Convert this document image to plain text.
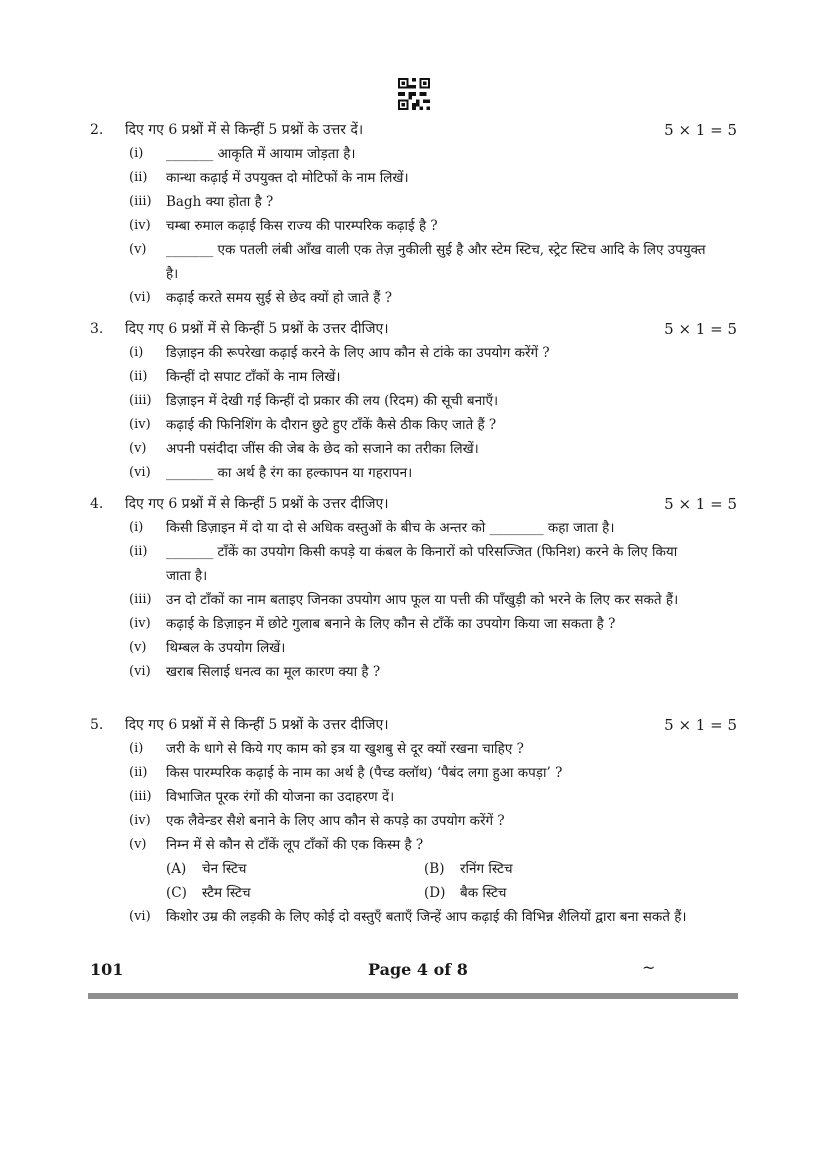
2. दिए गए 6 प्रश्नों में से किन्हीं 5 प्रश्नों के उत्तर दें।	5 × 1 = 5
(i) _______ आकृति में आयाम जोड़ता है।
(ii) कान्था कढ़ाई में उपयुक्त दो मोटिफों के नाम लिखें।
(iii) Bagh क्या होता है ?
(iv) चम्बा रुमाल कढ़ाई किस राज्य की पारम्परिक कढ़ाई है ?
(v) _______ एक पतली लंबी आँख वाली एक तेज़ नुकीली सुई है और स्टेम स्टिच, स्ट्रेट स्टिच आदि के लिए उपयुक्त है।
(vi) कढ़ाई करते समय सुई से छेद क्यों हो जाते हैं ?
3. दिए गए 6 प्रश्नों में से किन्हीं 5 प्रश्नों के उत्तर दीजिए।	5 × 1 = 5
(i) डिज़ाइन की रूपरेखा कढ़ाई करने के लिए आप कौन से टांके का उपयोग करेंगें ?
(ii) किन्हीं दो सपाट टाँकों के नाम लिखें।
(iii) डिज़ाइन में देखी गई किन्हीं दो प्रकार की लय (रिदम) की सूची बनाएँ।
(iv) कढ़ाई की फिनिशिंग के दौरान छुटे हुए टाँकें कैसे ठीक किए जाते हैं ?
(v) अपनी पसंदीदा जींस की जेब के छेद को सजाने का तरीका लिखें।
(vi) _______ का अर्थ है रंग का हल्कापन या गहरापन।
4. दिए गए 6 प्रश्नों में से किन्हीं 5 प्रश्नों के उत्तर दीजिए।	5 × 1 = 5
(i) किसी डिज़ाइन में दो या दो से अधिक वस्तुओं के बीच के अन्तर को ________ कहा जाता है।
(ii) _______ टाँकें का उपयोग किसी कपड़े या कंबल के किनारों को परिसज्जित (फिनिश) करने के लिए किया जाता है।
(iii) उन दो टाँकों का नाम बताइए जिनका उपयोग आप फूल या पत्ती की पाँखुड़ी को भरने के लिए कर सकते हैं।
(iv) कढ़ाई के डिज़ाइन में छोटे गुलाब बनाने के लिए कौन से टाँकें का उपयोग किया जा सकता है ?
(v) थिम्बल के उपयोग लिखें।
(vi) खराब सिलाई धनत्व का मूल कारण क्या है ?
5. दिए गए 6 प्रश्नों में से किन्हीं 5 प्रश्नों के उत्तर दीजिए।	5 × 1 = 5
(i) जरी के धागे से किये गए काम को इत्र या खुशबु से दूर क्यों रखना चाहिए ?
(ii) किस पारम्परिक कढ़ाई के नाम का अर्थ है (पैच्ड क्लॉथ) ‘पैबंद लगा हुआ कपड़ा’ ?
(iii) विभाजित पूरक रंगों की योजना का उदाहरण दें।
(iv) एक लैवेन्डर सैशे बनाने के लिए आप कौन से कपड़े का उपयोग करेंगें ?
(v) निम्न में से कौन से टाँकें लूप टाँकों की एक किस्म है ?
(A) चेन स्टिच	(B) रनिंग स्टिच
(C) स्टैम स्टिच	(D) बैक स्टिच
(vi) किशोर उम्र की लड़की के लिए कोई दो वस्तुएँ बताएँ जिन्हें आप कढ़ाई की विभिन्न शैलियों द्वारा बना सकते हैं।
101	Page 4 of 8	~
